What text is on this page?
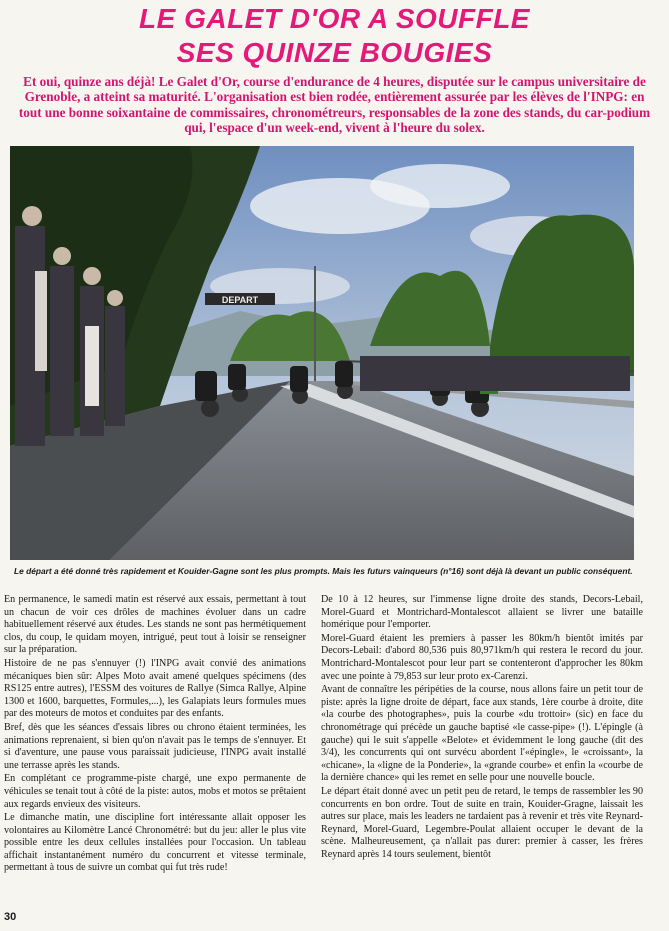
LE GALET D'OR A SOUFFLE
SES QUINZE BOUGIES
Et oui, quinze ans déjà! Le Galet d'Or, course d'endurance de 4 heures, disputée sur le campus universitaire de Grenoble, a atteint sa maturité. L'organisation est bien rodée, entièrement assurée par les élèves de l'INPG: en tout une bonne soixantaine de commissaires, chronométreurs, responsables de la zone des stands, du car-podium qui, l'espace d'un week-end, vivent à l'heure du solex.
DEPART
Le départ a été donné très rapidement et Kouider-Gagne sont les plus prompts. Mais les futurs vainqueurs (n°16) sont déjà là devant un public conséquent.

En permanence, le samedi matin est réservé aux essais, permettant à tout un chacun de voir ces drôles de machines évoluer dans un cadre habituellement réservé aux études. Les stands ne sont pas hermétiquement clos, du coup, le quidam moyen, intrigué, peut tout à loisir se renseigner sur la préparation.

Histoire de ne pas s'ennuyer (!) l'INPG avait convié des animations mécaniques bien sûr: Alpes Moto avait amené quelques spécimens (des RS125 entre autres), l'ESSM des voitures de Rallye (Simca Rallye, Alpine 1300 et 1600, barquettes, Formules,...), les Galapiats leurs formules mues par des moteurs de motos et conduites par des enfants.

Bref, dès que les séances d'essais libres ou chrono étaient terminées, les animations reprenaient, si bien qu'on n'avait pas le temps de s'ennuyer. Et si d'aventure, une pause vous paraissait judicieuse, l'INPG avait installé une terrasse après les stands.

En complétant ce programme-piste chargé, une expo permanente de véhicules se tenait tout à côté de la piste: autos, mobs et motos se prêtaient aux regards envieux des visiteurs.

Le dimanche matin, une discipline fort intéressante allait opposer les volontaires au Kilomètre Lancé Chronométré: but du jeu: aller le plus vite possible entre les deux cellules installées pour l'occasion. Un tableau affichait instantanément numéro du concurrent et vitesse terminale, permettant à tous de suivre un combat qui fut très rude!

De 10 à 12 heures, sur l'immense ligne droite des stands, Decors-Lebail, Morel-Guard et Montrichard-Montalescot allaient se livrer une bataille homérique pour l'emporter.

Morel-Guard étaient les premiers à passer les 80km/h bientôt imités par Decors-Lebail: d'abord 80,536 puis 80,971km/h qui restera le record du jour. Montrichard-Montalescot pour leur part se contenteront d'approcher les 80km avec une pointe à 79,853 sur leur proto ex-Carenzi.

Avant de connaître les péripéties de la course, nous allons faire un petit tour de piste: après la ligne droite de départ, face aux stands, 1ère courbe à droite, dite «la courbe des photographes», puis la courbe «du trottoir» (sic) en face du chronométrage qui précède un gauche baptisé «le casse-pipe» (!). L'épingle (à gauche) qui le suit s'appelle «Belote» et évidemment le long gauche (dit des 3/4), les concurrents qui ont survécu abordent l'«épingle», le «croissant», la «chicane», la «ligne de la Ponderie», la «grande courbe» et enfin la «courbe de la dernière chance» qui les remet en selle pour une nouvelle boucle.

Le départ était donné avec un petit peu de retard, le temps de rassembler les 90 concurrents en bon ordre. Tout de suite en train, Kouider-Gragne, laissait les autres sur place, mais les leaders ne tardaient pas à revenir et très vite Reynard-Reynard, Morel-Guard, Legembre-Poulat allaient occuper le devant de la scène. Malheureusement, ça n'allait pas durer: premier à casser, les frères Reynard après 14 tours seulement, bientôt

30
